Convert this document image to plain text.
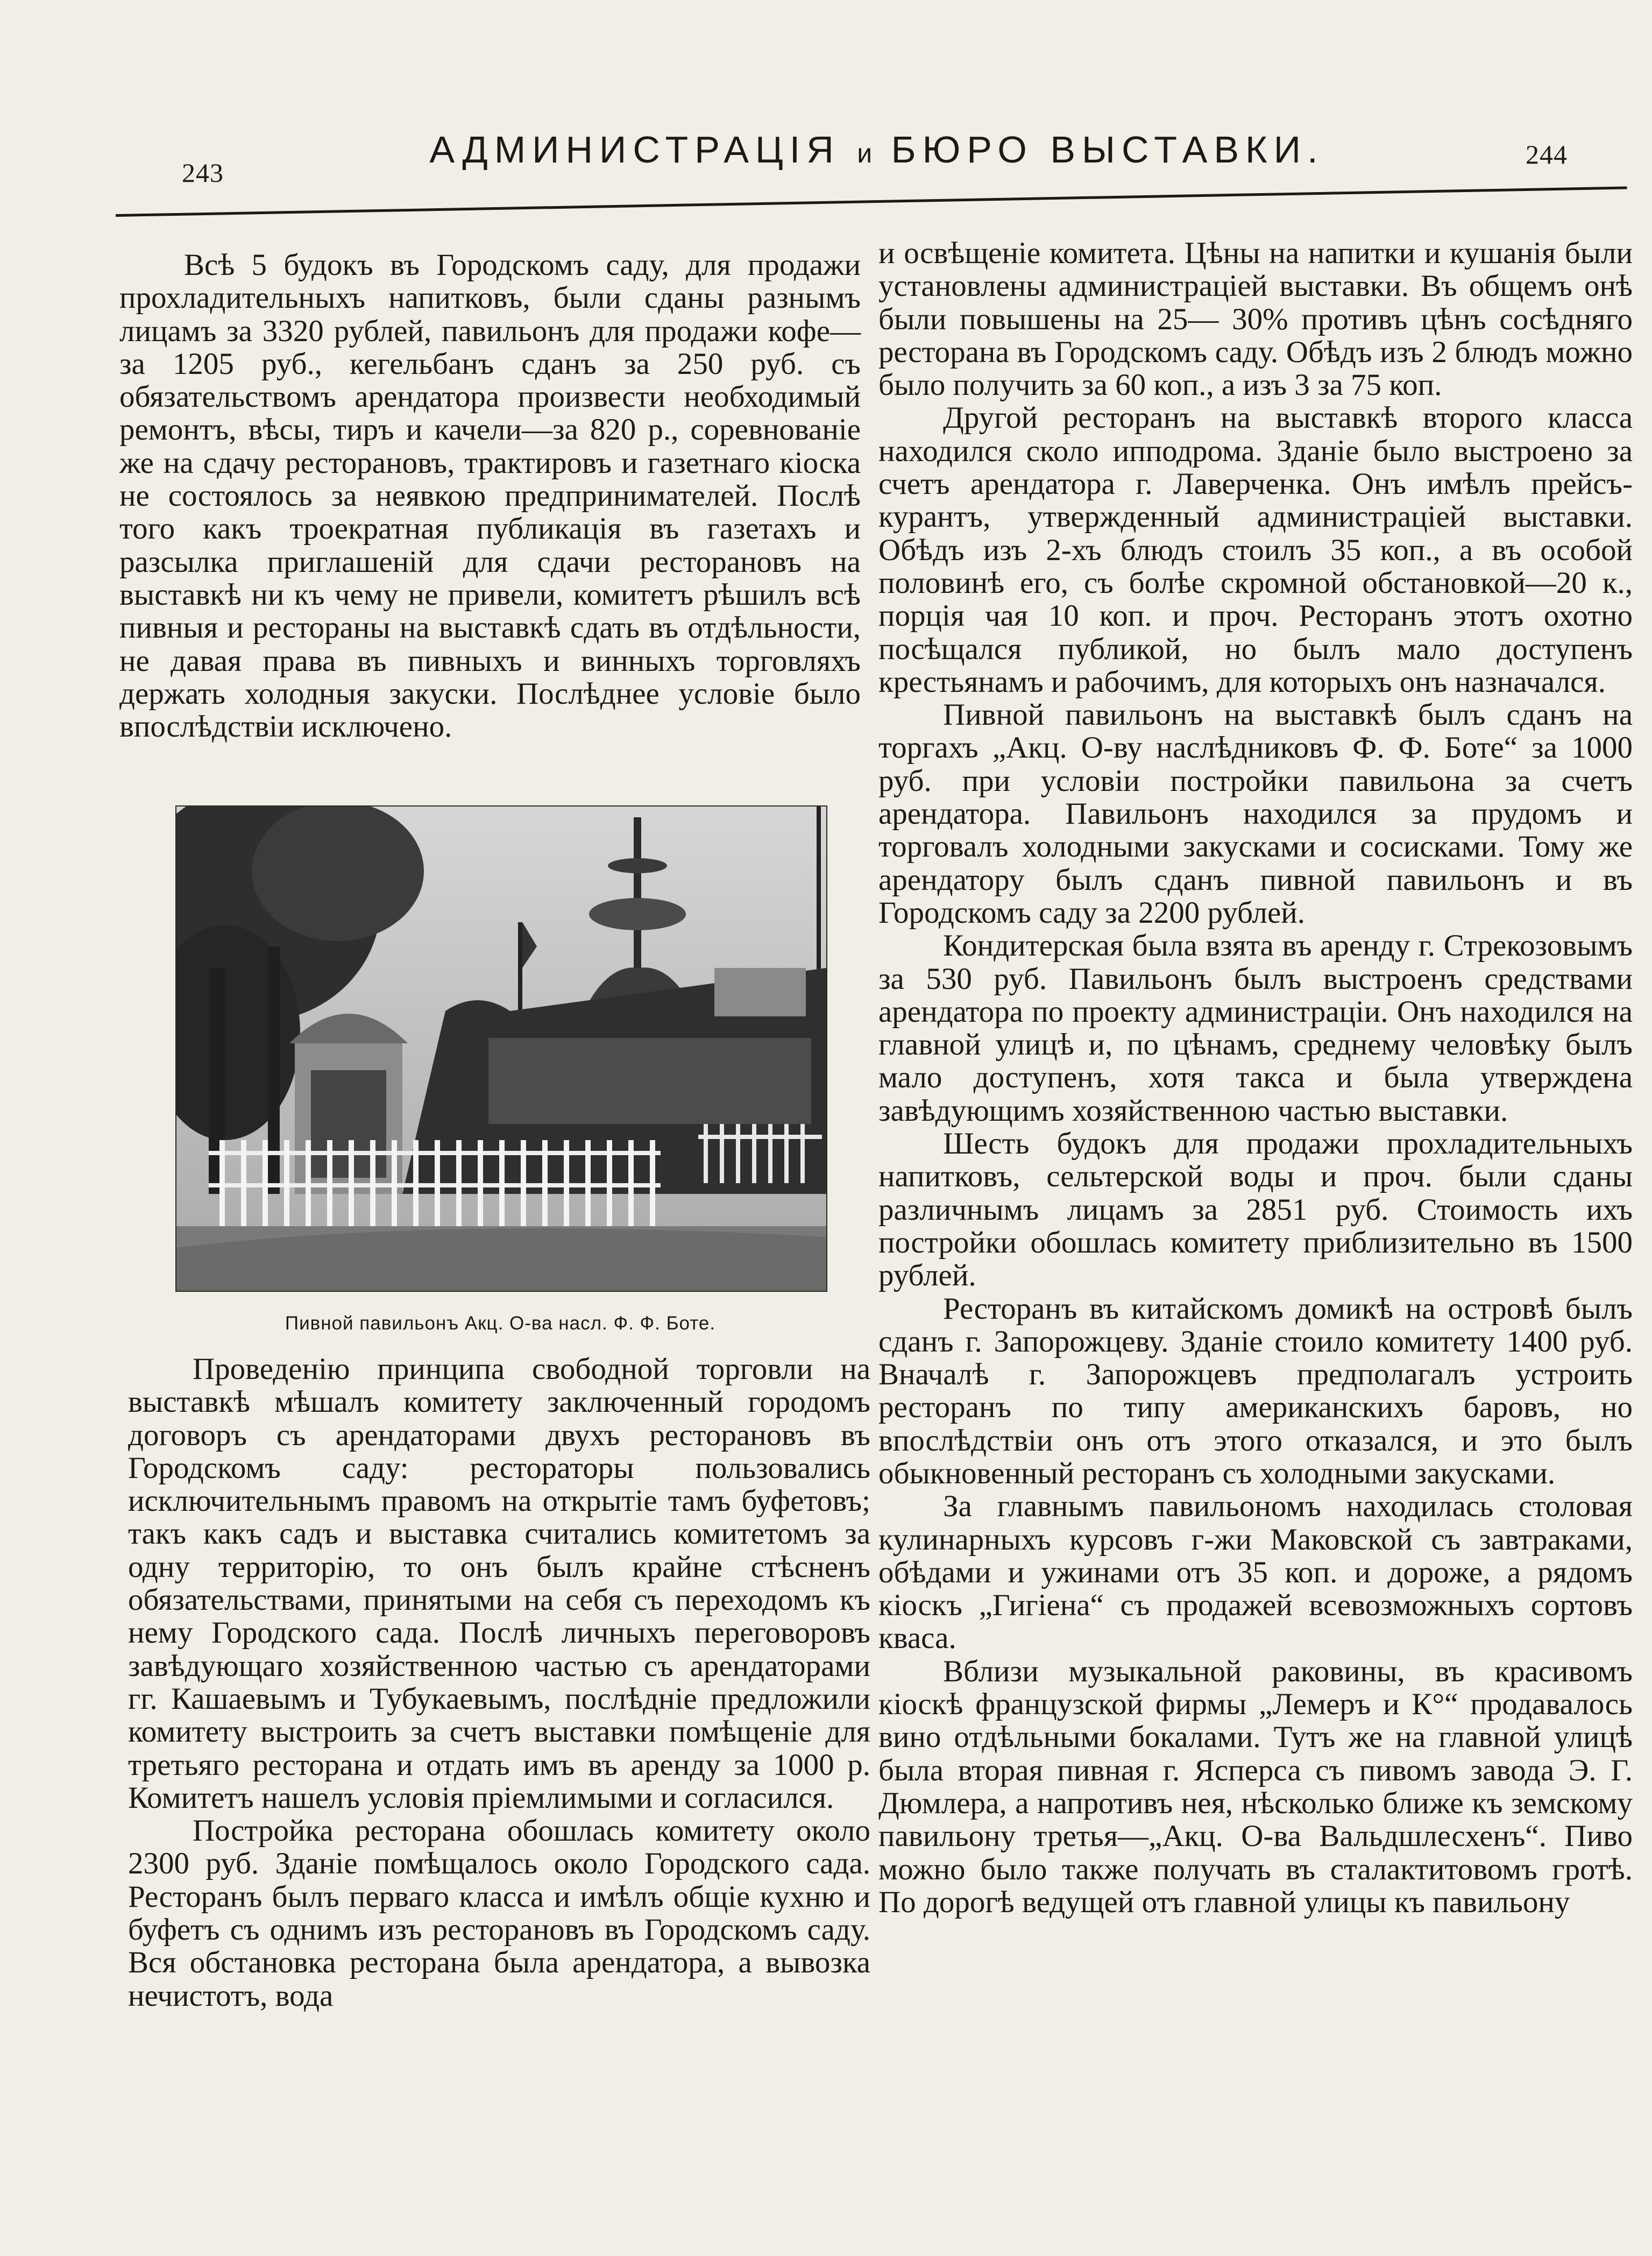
243
АДМИНИСТРАЦІЯ и БЮРО ВЫСТАВКИ.	244

Всѣ 5 будокъ въ Городскомъ саду, для продажи прохладительныхъ напитковъ, были сданы разнымъ лицамъ за 3320 рублей, павильонъ для продажи кофе—за 1205 руб., кегельбанъ сданъ за 250 руб. съ обязательствомъ арендатора произвести необходимый ремонтъ, вѣсы, тиръ и качели—за 820 р., соревнованіе же на сдачу ресторановъ, трактировъ и газетнаго кіоска не состоялось за неявкою предпринимателей. Послѣ того какъ троекратная публикація въ газетахъ и разсылка приглашеній для сдачи ресторановъ на выставкѣ ни къ чему не привели, комитетъ рѣшилъ всѣ пивныя и рестораны на выставкѣ сдать въ отдѣльности, не давая права въ пивныхъ и винныхъ торговляхъ держать холодныя закуски. Послѣднее условіе было впослѣдствіи исключено.

Пивной павильонъ Акц. О-ва насл. Ф. Ф. Боте.

Проведенію принципа свободной торговли на выставкѣ мѣшалъ комитету заключенный городомъ договоръ съ арендаторами двухъ ресторановъ въ Городскомъ саду: рестораторы пользовались исключительнымъ правомъ на открытіе тамъ буфетовъ; такъ какъ садъ и выставка считались комитетомъ за одну территорію, то онъ былъ крайне стѣсненъ обязательствами, принятыми на себя съ переходомъ къ нему Городского сада. Послѣ личныхъ переговоровъ завѣдующаго хозяйственною частью съ арендаторами гг. Кашаевымъ и Тубукаевымъ, послѣдніе предложили комитету выстроить за счетъ выставки помѣщеніе для третьяго ресторана и отдать имъ въ аренду за 1000 р. Комитетъ нашелъ условія пріемлимыми и согласился.

Постройка ресторана обошлась комитету около 2300 руб. Зданіе помѣщалось около Городского сада. Ресторанъ былъ перваго класса и имѣлъ общіе кухню и буфетъ съ однимъ изъ ресторановъ въ Городскомъ саду. Вся обстановка ресторана была арендатора, а вывозка нечистотъ, вода

и освѣщеніе комитета. Цѣны на напитки и кушанія были установлены администраціей выставки. Въ общемъ онѣ были повышены на 25— 30% противъ цѣнъ сосѣдняго ресторана въ Городскомъ саду. Обѣдъ изъ 2 блюдъ можно было получить за 60 коп., а изъ 3 за 75 коп.

Другой ресторанъ на выставкѣ второго класса находился сколо ипподрома. Зданіе было выстроено за счетъ арендатора г. Лаверченка. Онъ имѣлъ прейсъ-курантъ, утвержденный администраціей выставки. Обѣдъ изъ 2-хъ блюдъ стоилъ 35 коп., а въ особой половинѣ его, съ болѣе скромной обстановкой—20 к., порція чая 10 коп. и проч. Ресторанъ этотъ охотно посѣщался публикой, но былъ мало доступенъ крестьянамъ и рабочимъ, для которыхъ онъ назначался.

Пивной павильонъ на выставкѣ былъ сданъ на торгахъ „Акц. О-ву наслѣдниковъ Ф. Ф. Боте“ за 1000 руб. при условіи постройки павильона за счетъ арендатора. Павильонъ находился за прудомъ и торговалъ холодными закусками и сосисками. Тому же арендатору былъ сданъ пивной павильонъ и въ Городскомъ саду за 2200 рублей.

Кондитерская была взята въ аренду г. Стрекозовымъ за 530 руб. Павильонъ былъ выстроенъ средствами арендатора по проекту администраціи. Онъ находился на главной улицѣ и, по цѣнамъ, среднему человѣку былъ мало доступенъ, хотя такса и была утверждена завѣдующимъ хозяйственною частью выставки.

Шесть будокъ для продажи прохладительныхъ напитковъ, сельтерской воды и проч. были сданы различнымъ лицамъ за 2851 руб. Стоимость ихъ постройки обошлась комитету приблизительно въ 1500 рублей.

Ресторанъ въ китайскомъ домикѣ на островѣ былъ сданъ г. Запорожцеву. Зданіе стоило комитету 1400 руб. Вначалѣ г. Запорожцевъ предполагалъ устроить ресторанъ по типу американскихъ баровъ, но впослѣдствіи онъ отъ этого отказался, и это былъ обыкновенный ресторанъ съ холодными закусками.

За главнымъ павильономъ находилась столовая кулинарныхъ курсовъ г-жи Маковской съ завтраками, обѣдами и ужинами отъ 35 коп. и дороже, а рядомъ кіоскъ „Гигіена“ съ продажей всевозможныхъ сортовъ кваса.

Вблизи музыкальной раковины, въ красивомъ кіоскѣ французской фирмы „Лемеръ и К°“ продавалось вино отдѣльными бокалами. Тутъ же на главной улицѣ была вторая пивная г. Ясперса съ пивомъ завода Э. Г. Дюмлера, а напротивъ нея, нѣсколько ближе къ земскому павильону третья—„Акц. О-ва Вальдшлесхенъ“. Пиво можно было также получать въ сталактитовомъ гротѣ. По дорогѣ ведущей отъ главной улицы къ павильону
